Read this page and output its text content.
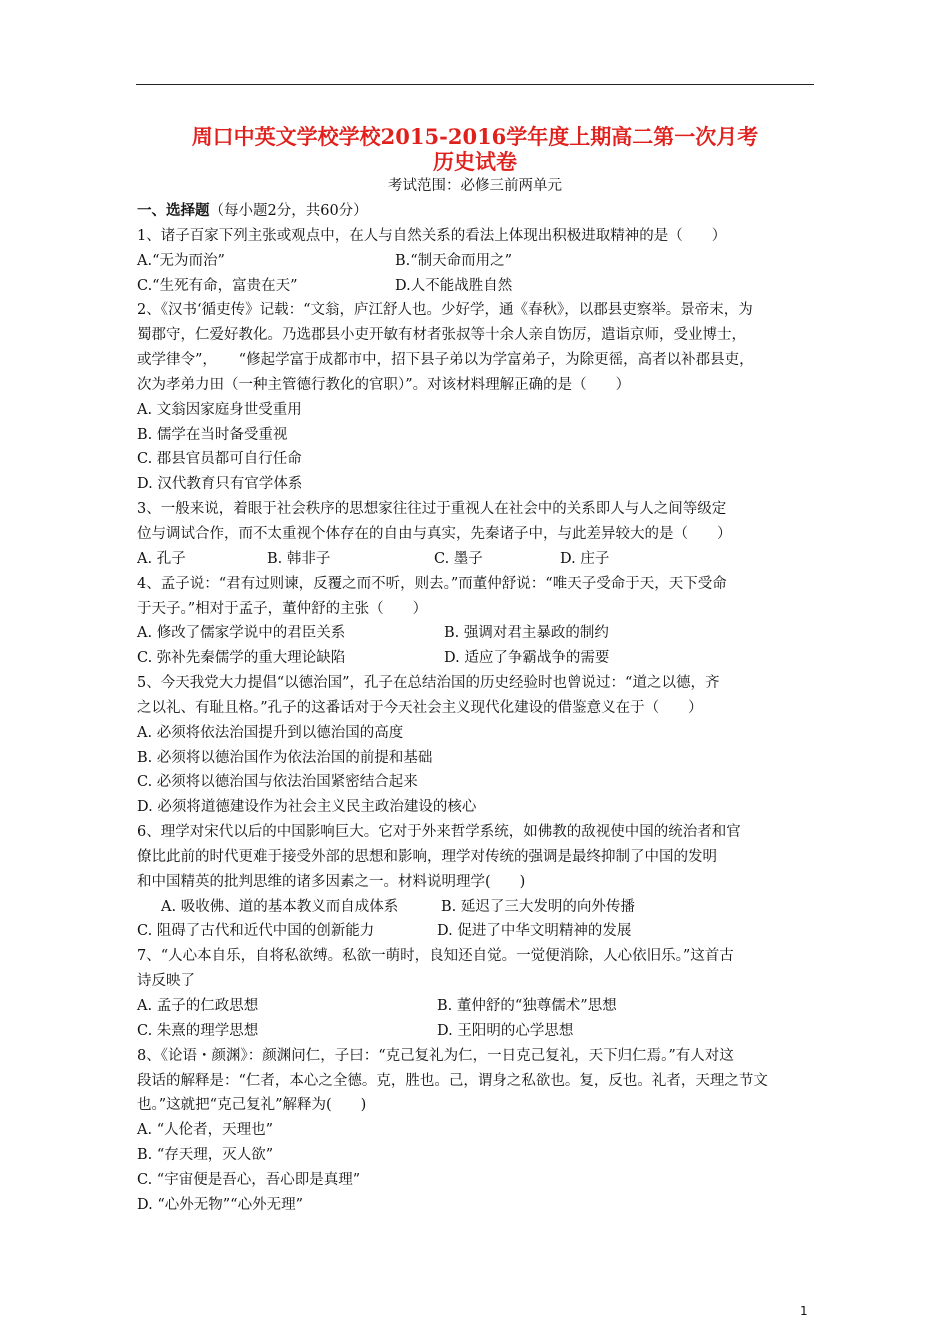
周口中英文学校学校2015-2016学年度上期高二第一次月考
历史试卷
考试范围：必修三前两单元
一、选择题（每小题2分，共60分）
1、诸子百家下列主张或观点中，在人与自然关系的看法上体现出积极进取精神的是（　　）
A.“无为而治”	B.“制天命而用之”
C.“生死有命，富贵在天”	D.人不能战胜自然
2、《汉书‘循吏传》记载：“文翁，庐江舒人也。少好学，通《春秋》，以郡县吏察举。景帝末，为
蜀郡守，仁爱好教化。乃选郡县小吏开敏有材者张叔等十余人亲自饬厉，遣诣京师，受业博士，
或学律令”，　　“修起学富于成都市中，招下县子弟以为学富弟子，为除更徭，高者以补郡县吏，
次为孝弟力田（一种主管德行教化的官职）”。对该材料理解正确的是（　　）
A. 文翁因家庭身世受重用
B. 儒学在当时备受重视
C. 郡县官员都可自行任命
D. 汉代教育只有官学体系
3、一般来说，着眼于社会秩序的思想家往往过于重视人在社会中的关系即人与人之间等级定
位与调试合作，而不太重视个体存在的自由与真实，先秦诸子中，与此差异较大的是（　　）
A. 孔子	B. 韩非子	C. 墨子	D. 庄子
4、孟子说：“君有过则谏，反覆之而不听，则去。”而董仲舒说：“唯天子受命于天，天下受命
于天子。”相对于孟子，董仲舒的主张（　　）
A. 修改了儒家学说中的君臣关系	B. 强调对君主暴政的制约
C. 弥补先秦儒学的重大理论缺陷	D. 适应了争霸战争的需要
5、今天我党大力提倡“以德治国”，孔子在总结治国的历史经验时也曾说过：“道之以德，齐
之以礼、有耻且格。”孔子的这番话对于今天社会主义现代化建设的借鉴意义在于（　　）
A. 必须将依法治国提升到以德治国的高度
B. 必须将以德治国作为依法治国的前提和基础
C. 必须将以德治国与依法治国紧密结合起来
D. 必须将道德建设作为社会主义民主政治建设的核心
6、理学对宋代以后的中国影响巨大。它对于外来哲学系统，如佛教的敌视使中国的统治者和官
僚比此前的时代更难于接受外部的思想和影响，理学对传统的强调是最终抑制了中国的发明
和中国精英的批判思维的诸多因素之一。材料说明理学(　　)
A. 吸收佛、道的基本教义而自成体系	B. 延迟了三大发明的向外传播
C. 阻碍了古代和近代中国的创新能力	D. 促进了中华文明精神的发展
7、“人心本自乐，自将私欲缚。私欲一萌时，良知还自觉。一觉便消除，人心依旧乐。”这首古
诗反映了
A. 孟子的仁政思想	B. 董仲舒的“独尊儒术”思想
C. 朱熹的理学思想	D. 王阳明的心学思想
8、《论语・颜渊》：颜渊问仁，子曰：“克己复礼为仁，一日克己复礼，天下归仁焉。”有人对这
段话的解释是：“仁者，本心之全德。克，胜也。己，谓身之私欲也。复，反也。礼者，天理之节文
也。”这就把“克己复礼”解释为(　　)
A. “人伦者，天理也”
B. “存天理，灭人欲”
C. “宇宙便是吾心，吾心即是真理”
D. “心外无物”“心外无理”
1
